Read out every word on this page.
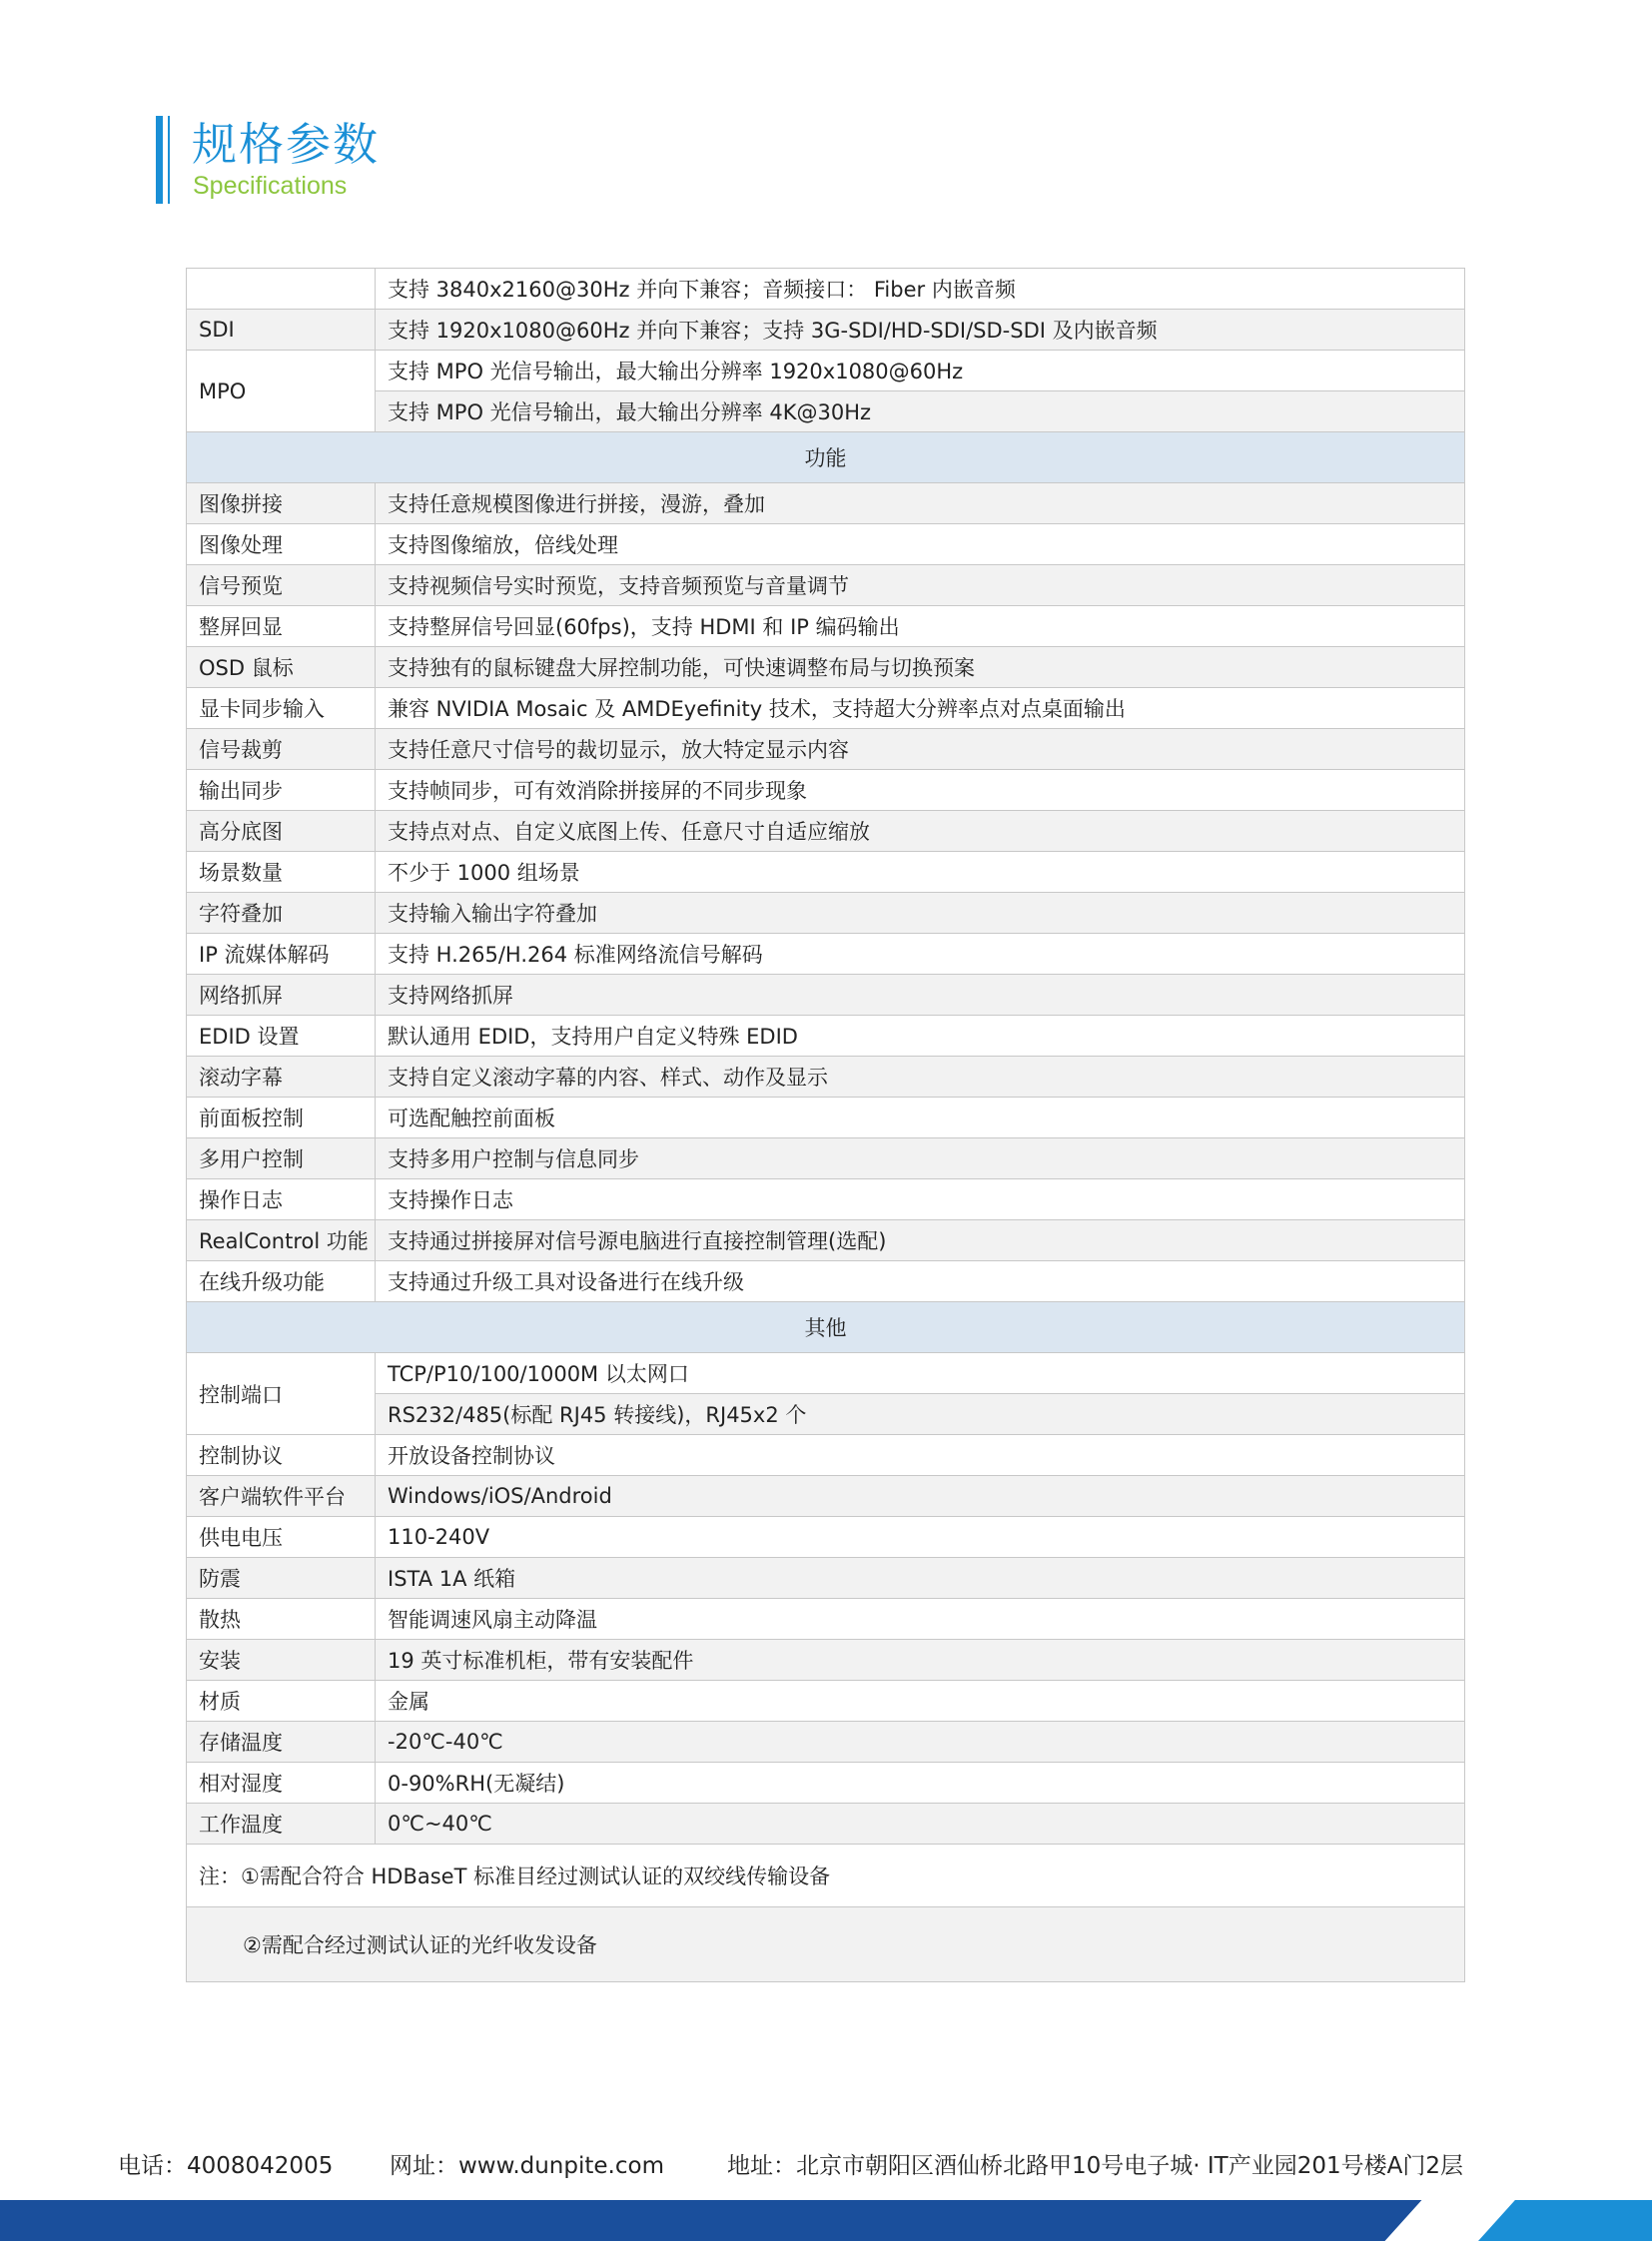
规格参数
Specifications
	支持 3840x2160@30Hz 并向下兼容；音频接口： Fiber 内嵌音频
SDI	支持 1920x1080@60Hz 并向下兼容；支持 3G-SDI/HD-SDI/SD-SDI 及内嵌音频
MPO	支持 MPO 光信号输出，最大输出分辨率 1920x1080@60Hz
	支持 MPO 光信号输出，最大输出分辨率 4K@30Hz
功能	
图像拼接	支持任意规模图像进行拼接，漫游，叠加
图像处理	支持图像缩放，倍线处理
信号预览	支持视频信号实时预览，支持音频预览与音量调节
整屏回显	支持整屏信号回显(60fps)，支持 HDMI 和 IP 编码输出
OSD 鼠标	支持独有的鼠标键盘大屏控制功能，可快速调整布局与切换预案
显卡同步输入	兼容 NVIDIA Mosaic 及 AMDEyefinity 技术，支持超大分辨率点对点桌面输出
信号裁剪	支持任意尺寸信号的裁切显示，放大特定显示内容
输出同步	支持帧同步，可有效消除拼接屏的不同步现象
高分底图	支持点对点、自定义底图上传、任意尺寸自适应缩放
场景数量	不少于 1000 组场景
字符叠加	支持输入输出字符叠加
IP 流媒体解码	支持 H.265/H.264 标准网络流信号解码
网络抓屏	支持网络抓屏
EDID 设置	默认通用 EDID，支持用户自定义特殊 EDID
滚动字幕	支持自定义滚动字幕的内容、样式、动作及显示
前面板控制	可选配触控前面板
多用户控制	支持多用户控制与信息同步
操作日志	支持操作日志
RealControl 功能	支持通过拼接屏对信号源电脑进行直接控制管理(选配)
在线升级功能	支持通过升级工具对设备进行在线升级
其他	
控制端口	TCP/P10/100/1000M 以太网口
	RS232/485(标配 RJ45 转接线)，RJ45x2 个
控制协议	开放设备控制协议
客户端软件平台	Windows/iOS/Android
供电电压	110-240V
防震	ISTA 1A 纸箱
散热	智能调速风扇主动降温
安装	19 英寸标准机柜，带有安装配件
材质	金属
存储温度	-20℃-40℃
相对湿度	0-90%RH(无凝结)
工作温度	0℃~40℃
注：①需配合符合 HDBaseT 标准目经过测试认证的双绞线传输设备	
②需配合经过测试认证的光纤收发设备	
电话：4008042005 网址：www.dunpite.com	地址：北京市朝阳区酒仙桥北路甲10号电子城· IT产业园201号楼A门2层
